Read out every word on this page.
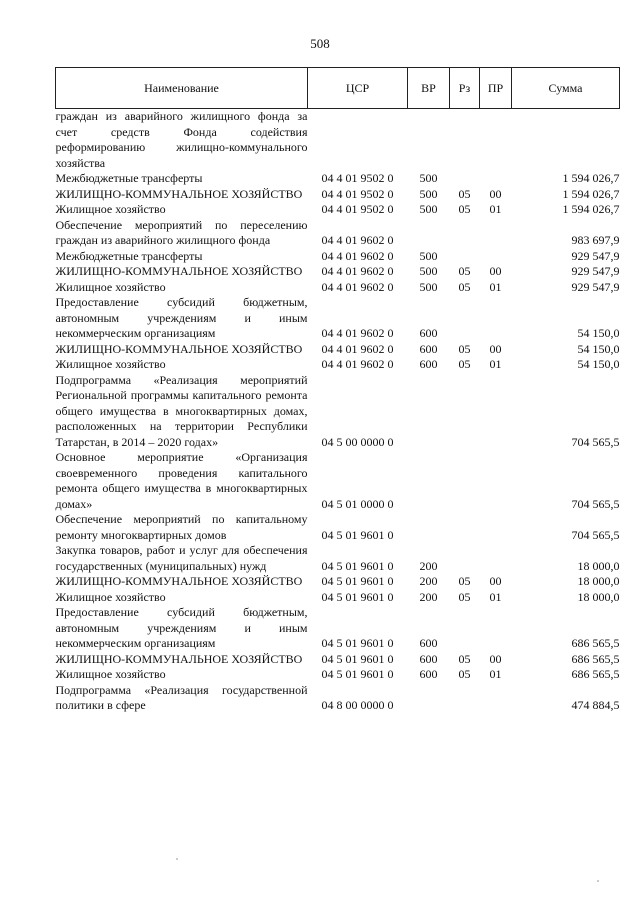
508
Наименование	ЦСР	ВР	Рз	ПР	Сумма
граждан из аварийного жилищного фонда за счет средств Фонда содействия реформированию жилищно-коммунального хозяйства					
Межбюджетные трансферты	04 4 01 9502 0	500			1 594 026,7
ЖИЛИЩНО-КОММУНАЛЬНОЕ ХОЗЯЙСТВО	04 4 01 9502 0	500	05	00	1 594 026,7
Жилищное хозяйство	04 4 01 9502 0	500	05	01	1 594 026,7
Обеспечение мероприятий по переселению граждан из аварийного жилищного фонда	04 4 01 9602 0				983 697,9
Межбюджетные трансферты	04 4 01 9602 0	500			929 547,9
ЖИЛИЩНО-КОММУНАЛЬНОЕ ХОЗЯЙСТВО	04 4 01 9602 0	500	05	00	929 547,9
Жилищное хозяйство	04 4 01 9602 0	500	05	01	929 547,9
Предоставление субсидий бюджетным, автономным учреждениям и иным некоммерческим организациям	04 4 01 9602 0	600			54 150,0
ЖИЛИЩНО-КОММУНАЛЬНОЕ ХОЗЯЙСТВО	04 4 01 9602 0	600	05	00	54 150,0
Жилищное хозяйство	04 4 01 9602 0	600	05	01	54 150,0
Подпрограмма «Реализация мероприятий Региональной программы капитального ремонта общего имущества в многоквартирных домах, расположенных на территории Республики Татарстан, в 2014 – 2020 годах»	04 5 00 0000 0				704 565,5
Основное мероприятие «Организация своевременного проведения капитального ремонта общего имущества в многоквартирных домах»	04 5 01 0000 0				704 565,5
Обеспечение мероприятий по капитальному ремонту многоквартирных домов	04 5 01 9601 0				704 565,5
Закупка товаров, работ и услуг для обеспечения государственных (муниципальных) нужд	04 5 01 9601 0	200			18 000,0
ЖИЛИЩНО-КОММУНАЛЬНОЕ ХОЗЯЙСТВО	04 5 01 9601 0	200	05	00	18 000,0
Жилищное хозяйство	04 5 01 9601 0	200	05	01	18 000,0
Предоставление субсидий бюджетным, автономным учреждениям и иным некоммерческим организациям	04 5 01 9601 0	600			686 565,5
ЖИЛИЩНО-КОММУНАЛЬНОЕ ХОЗЯЙСТВО	04 5 01 9601 0	600	05	00	686 565,5
Жилищное хозяйство	04 5 01 9601 0	600	05	01	686 565,5
Подпрограмма «Реализация государственной политики в сфере	04 8 00 0000 0				474 884,5
